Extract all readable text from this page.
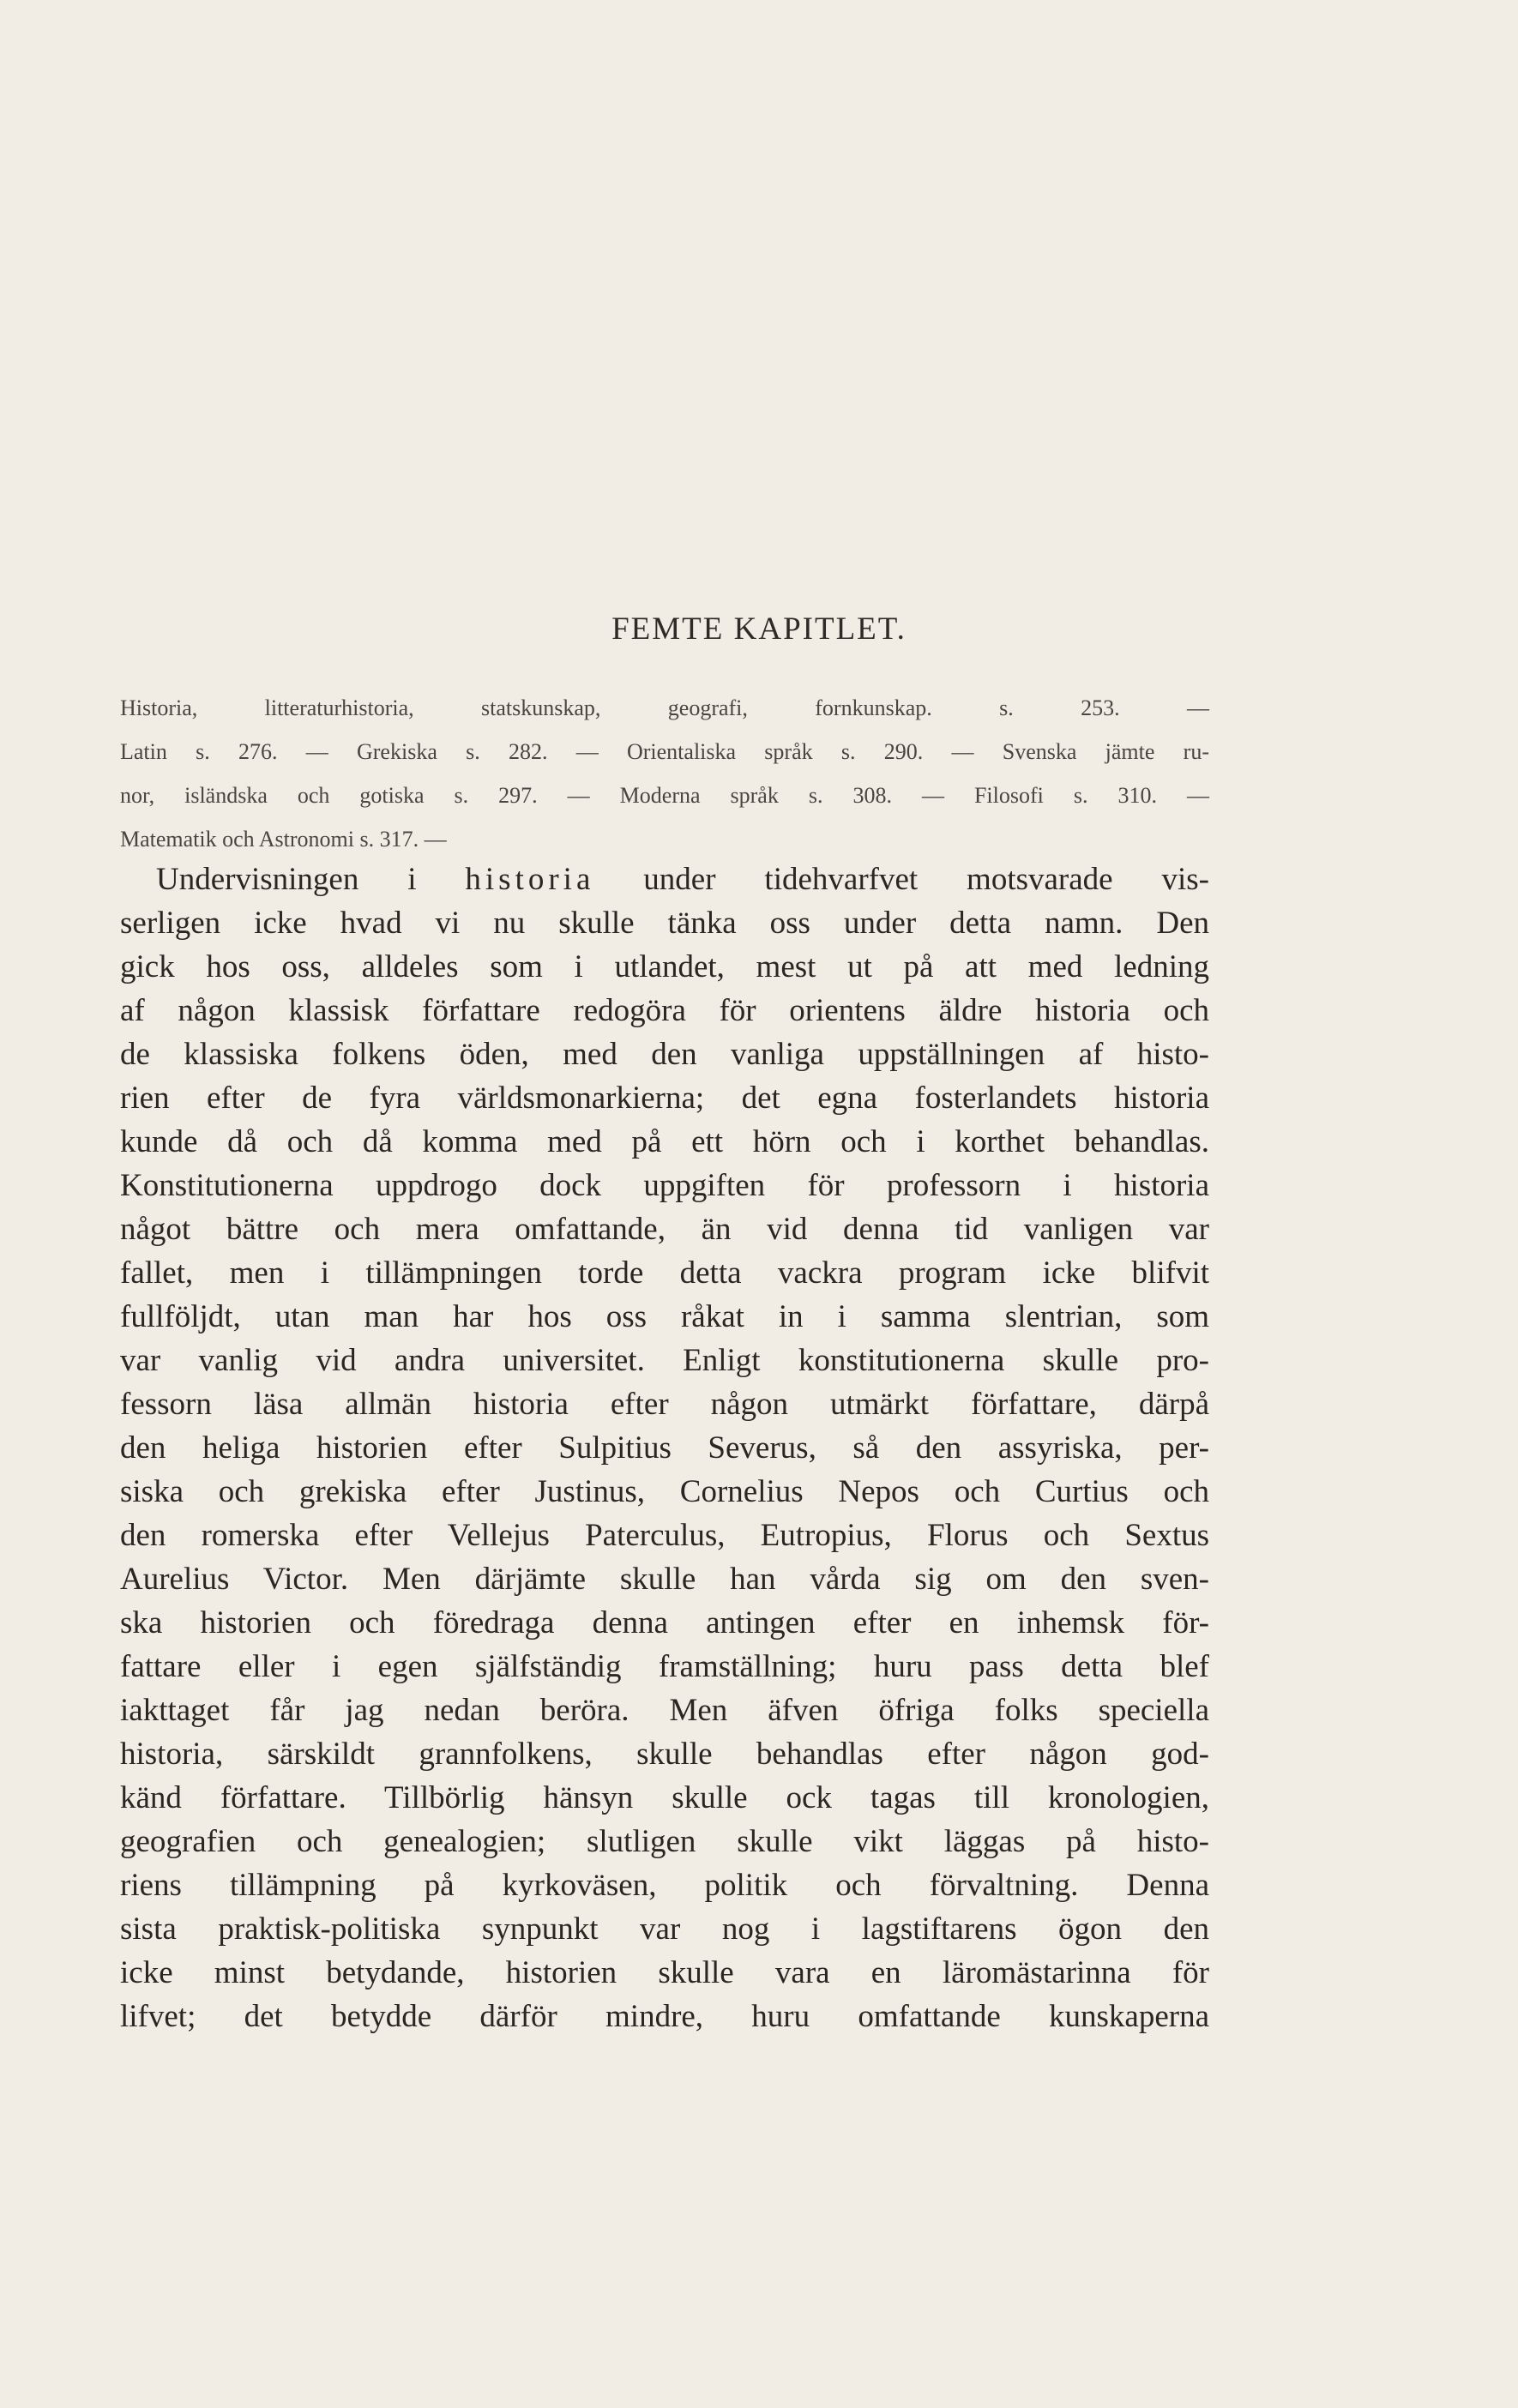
FEMTE KAPITLET.
Historia, litteraturhistoria, statskunskap, geografi, fornkunskap. s. 253. —
Latin s. 276. — Grekiska s. 282. — Orientaliska språk s. 290. — Svenska jämte ru-
nor, isländska och gotiska s. 297. — Moderna språk s. 308. — Filosofi s. 310. —
Matematik och Astronomi s. 317. —
Undervisningen i historia under tidehvarfvet motsvarade vis-
serligen icke hvad vi nu skulle tänka oss under detta namn. Den
gick hos oss, alldeles som i utlandet, mest ut på att med ledning
af någon klassisk författare redogöra för orientens äldre historia och
de klassiska folkens öden, med den vanliga uppställningen af histo-
rien efter de fyra världsmonarkierna; det egna fosterlandets historia
kunde då och då komma med på ett hörn och i korthet behandlas.
Konstitutionerna uppdrogo dock uppgiften för professorn i historia
något bättre och mera omfattande, än vid denna tid vanligen var
fallet, men i tillämpningen torde detta vackra program icke blifvit
fullföljdt, utan man har hos oss råkat in i samma slentrian, som
var vanlig vid andra universitet. Enligt konstitutionerna skulle pro-
fessorn läsa allmän historia efter någon utmärkt författare, därpå
den heliga historien efter Sulpitius Severus, så den assyriska, per-
siska och grekiska efter Justinus, Cornelius Nepos och Curtius och
den romerska efter Vellejus Paterculus, Eutropius, Florus och Sextus
Aurelius Victor. Men därjämte skulle han vårda sig om den sven-
ska historien och föredraga denna antingen efter en inhemsk för-
fattare eller i egen själfständig framställning; huru pass detta blef
iakttaget får jag nedan beröra. Men äfven öfriga folks speciella
historia, särskildt grannfolkens, skulle behandlas efter någon god-
känd författare. Tillbörlig hänsyn skulle ock tagas till kronologien,
geografien och genealogien; slutligen skulle vikt läggas på histo-
riens tillämpning på kyrkoväsen, politik och förvaltning. Denna
sista praktisk-politiska synpunkt var nog i lagstiftarens ögon den
icke minst betydande, historien skulle vara en läromästarinna för
lifvet; det betydde därför mindre, huru omfattande kunskaperna
